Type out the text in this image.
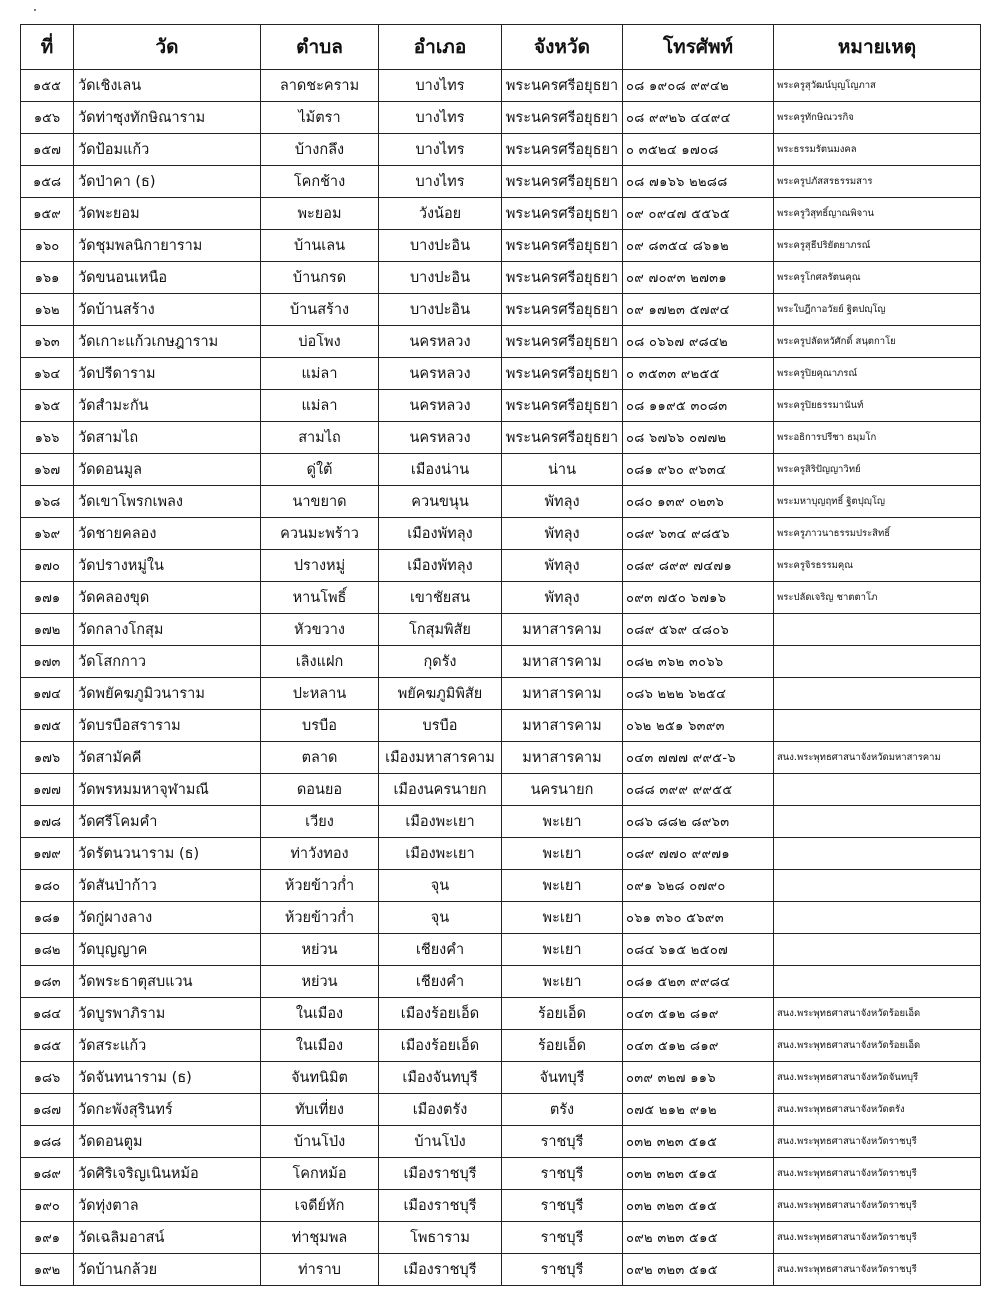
ที่	วัด	ตำบล	อำเภอ	จังหวัด	โทรศัพท์	หมายเหตุ
๑๕๕	วัดเชิงเลน	ลาดชะคราม	บางไทร	พระนครศรีอยุธยา	๐๘ ๑๙๐๘ ๙๙๔๒	พระครูสุวัฒน์บุญโญภาส
๑๕๖	วัดท่าซุงทักษิณาราม	ไม้ตรา	บางไทร	พระนครศรีอยุธยา	๐๘ ๙๙๒๖ ๔๔๙๔	พระครูทักษิณวรกิจ
๑๕๗	วัดป้อมแก้ว	บ้างกลึง	บางไทร	พระนครศรีอยุธยา	๐ ๓๕๒๔ ๑๗๐๘	พระธรรมรัตนมงคล
๑๕๘	วัดป่าคา (ธ)	โคกช้าง	บางไทร	พระนครศรีอยุธยา	๐๘ ๗๑๖๖ ๒๒๘๘	พระครูปภัสสรธรรมสาร
๑๕๙	วัดพะยอม	พะยอม	วังน้อย	พระนครศรีอยุธยา	๐๙ ๐๙๔๗ ๕๕๖๕	พระครูวิสุทธิ์ญาณพิจาน
๑๖๐	วัดชุมพลนิกายาราม	บ้านเลน	บางปะอิน	พระนครศรีอยุธยา	๐๙ ๘๓๕๔ ๘๖๑๒	พระครูสุธีปริยัตยาภรณ์
๑๖๑	วัดขนอนเหนือ	บ้านกรด	บางปะอิน	พระนครศรีอยุธยา	๐๙ ๗๐๙๓ ๒๗๓๑	พระครูโกศลรัตนคุณ
๑๖๒	วัดบ้านสร้าง	บ้านสร้าง	บางปะอิน	พระนครศรีอยุธยา	๐๙ ๑๗๒๓ ๕๗๙๔	พระใบฎีกาอวัยย์ ฐิตปญฺโญ
๑๖๓	วัดเกาะแก้วเกษฎาราม	บ่อโพง	นครหลวง	พระนครศรีอยุธยา	๐๘ ๐๖๖๗ ๙๘๔๒	พระครูปลัดหวัศักดิ์ สนฺตกาโย
๑๖๔	วัดปรีดาราม	แม่ลา	นครหลวง	พระนครศรีอยุธยา	๐ ๓๕๓๓ ๙๒๕๕	พระครูปิยคุณาภรณ์
๑๖๕	วัดสำมะกัน	แม่ลา	นครหลวง	พระนครศรีอยุธยา	๐๘ ๑๑๙๕ ๓๐๘๓	พระครูปิยธรรมานันท์
๑๖๖	วัดสามไถ	สามไถ	นครหลวง	พระนครศรีอยุธยา	๐๘ ๖๗๖๖ ๐๗๗๒	พระอธิการปรีชา ธมฺมโก
๑๖๗	วัดดอนมูล	ดู่ใต้	เมืองน่าน	น่าน	๐๘๑ ๙๖๐ ๙๖๓๔	พระครูสิริปัญญาวิทย์
๑๖๘	วัดเขาโพรกเพลง	นาขยาด	ควนขนุน	พัทลุง	๐๘๐ ๑๓๙ ๐๒๓๖	พระมหาบุญฤทธิ์ ฐิตปุญฺโญ
๑๖๙	วัดชายคลอง	ควนมะพร้าว	เมืองพัทลุง	พัทลุง	๐๘๙ ๖๓๔ ๙๘๕๖	พระครูภาวนาธรรมประสิทธิ์
๑๗๐	วัดปรางหมู่ใน	ปรางหมู่	เมืองพัทลุง	พัทลุง	๐๘๙ ๘๙๙ ๗๔๗๑	พระครูจิรธรรมคุณ
๑๗๑	วัดคลองขุด	หานโพธิ์	เขาชัยสน	พัทลุง	๐๙๓ ๗๕๐ ๖๗๑๖	พระปลัดเจริญ ชาตตาโภ
๑๗๒	วัดกลางโกสุม	หัวขวาง	โกสุมพิสัย	มหาสารคาม	๐๘๙ ๕๖๙ ๔๘๐๖	
๑๗๓	วัดโสกกาว	เลิงแฝก	กุดรัง	มหาสารคาม	๐๘๒ ๓๖๒ ๓๐๖๖	
๑๗๔	วัดพยัคฆภูมิวนาราม	ปะหลาน	พยัคฆภูมิพิสัย	มหาสารคาม	๐๘๖ ๒๒๒ ๖๒๕๔	
๑๗๕	วัดบรบือสราราม	บรบือ	บรบือ	มหาสารคาม	๐๖๒ ๒๕๑ ๖๓๙๓	
๑๗๖	วัดสามัคคี	ตลาด	เมืองมหาสารคาม	มหาสารคาม	๐๔๓ ๗๗๗ ๙๙๕-๖	สนง.พระพุทธศาสนาจังหวัดมหาสารคาม
๑๗๗	วัดพรหมมหาจุฬามณี	ดอนยอ	เมืองนครนายก	นครนายก	๐๘๘ ๓๙๙ ๙๙๕๕	
๑๗๘	วัดศรีโคมคำ	เวียง	เมืองพะเยา	พะเยา	๐๘๖ ๘๘๒ ๘๙๖๓	
๑๗๙	วัดรัตนวนาราม (ธ)	ท่าวังทอง	เมืองพะเยา	พะเยา	๐๘๙ ๗๗๐ ๙๙๗๑	
๑๘๐	วัดสันป่าก้าว	ห้วยข้าวก่ำ	จุน	พะเยา	๐๙๑ ๖๒๘ ๐๗๙๐	
๑๘๑	วัดกู่ผางลาง	ห้วยข้าวก่ำ	จุน	พะเยา	๐๖๑ ๓๖๐ ๕๖๙๓	
๑๘๒	วัดบุญญาค	หย่วน	เชียงคำ	พะเยา	๐๘๔ ๖๑๕ ๒๕๐๗	
๑๘๓	วัดพระธาตุสบแวน	หย่วน	เชียงคำ	พะเยา	๐๘๑ ๕๒๓ ๙๙๘๔	
๑๘๔	วัดบูรพาภิราม	ในเมือง	เมืองร้อยเอ็ด	ร้อยเอ็ด	๐๔๓ ๕๑๒ ๘๑๙	สนง.พระพุทธศาสนาจังหวัดร้อยเอ็ด
๑๘๕	วัดสระแก้ว	ในเมือง	เมืองร้อยเอ็ด	ร้อยเอ็ด	๐๔๓ ๕๑๒ ๘๑๙	สนง.พระพุทธศาสนาจังหวัดร้อยเอ็ด
๑๘๖	วัดจันทนาราม (ธ)	จันทนิมิต	เมืองจันทบุรี	จันทบุรี	๐๓๙ ๓๒๗ ๑๑๖	สนง.พระพุทธศาสนาจังหวัดจันทบุรี
๑๘๗	วัดกะพังสุรินทร์	ทับเที่ยง	เมืองตรัง	ตรัง	๐๗๕ ๒๑๒ ๙๑๒	สนง.พระพุทธศาสนาจังหวัดตรัง
๑๘๘	วัดดอนตูม	บ้านโป่ง	บ้านโป่ง	ราชบุรี	๐๓๒ ๓๒๓ ๕๑๕	สนง.พระพุทธศาสนาจังหวัดราชบุรี
๑๘๙	วัดศิริเจริญเนินหม้อ	โคกหม้อ	เมืองราชบุรี	ราชบุรี	๐๓๒ ๓๒๓ ๕๑๕	สนง.พระพุทธศาสนาจังหวัดราชบุรี
๑๙๐	วัดทุ่งตาล	เจดีย์หัก	เมืองราชบุรี	ราชบุรี	๐๓๒ ๓๒๓ ๕๑๕	สนง.พระพุทธศาสนาจังหวัดราชบุรี
๑๙๑	วัดเฉลิมอาสน์	ท่าชุมพล	โพธาราม	ราชบุรี	๐๙๒ ๓๒๓ ๕๑๕	สนง.พระพุทธศาสนาจังหวัดราชบุรี
๑๙๒	วัดบ้านกล้วย	ท่าราบ	เมืองราชบุรี	ราชบุรี	๐๙๒ ๓๒๓ ๕๑๕	สนง.พระพุทธศาสนาจังหวัดราชบุรี
